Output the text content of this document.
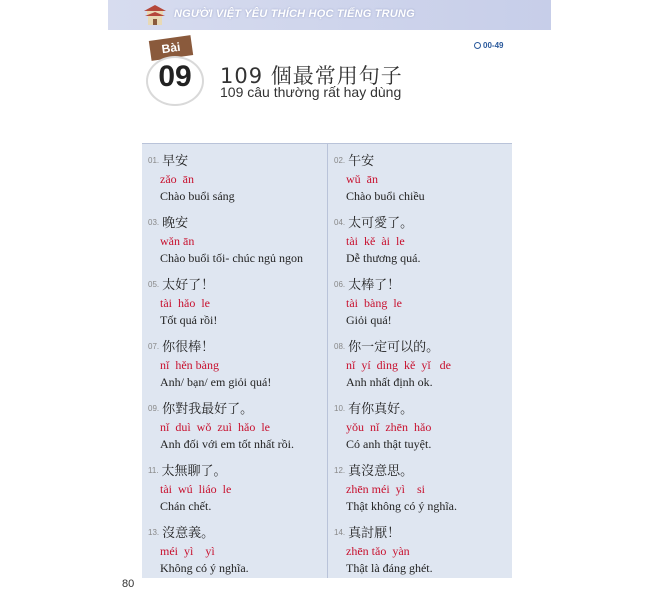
NGƯỜI VIỆT YÊU THÍCH HỌC TIẾNG TRUNG
Bài
09	109 個最常用句子
109 câu thường rất hay dùng
00-49
01. 早安
zǎo  ān
Chào buổi sáng
02. 午安
wǔ  ān
Chào buổi chiều
03. 晚安
wǎn ān
Chào buổi tối- chúc ngủ ngon
04. 太可愛了。
tài  kě  ài  le
Dễ thương quá.
05. 太好了！
tài  hǎo  le
Tốt quá rồi!
06. 太棒了！
tài  bàng  le
Giỏi quá!
07. 你很棒！
nǐ  hěn bàng
Anh/ bạn/ em giỏi quá!
08. 你一定可以的。
nǐ  yí  dìng  kě  yǐ   de
Anh nhất định ok.
09. 你對我最好了。
nǐ  duì  wǒ  zuì  hǎo  le
Anh đối với em tốt nhất rồi.
10. 有你真好。
yǒu  nǐ  zhēn  hǎo
Có anh thật tuyệt.
11. 太無聊了。
tài  wú  liáo  le
Chán chết.
12. 真沒意思。
zhēn méi  yì    si
Thật không có ý nghĩa.
13. 沒意義。
méi  yì    yì
Không có ý nghĩa.
14. 真討厭！
zhēn tǎo  yàn
Thật là đáng ghét.
80
